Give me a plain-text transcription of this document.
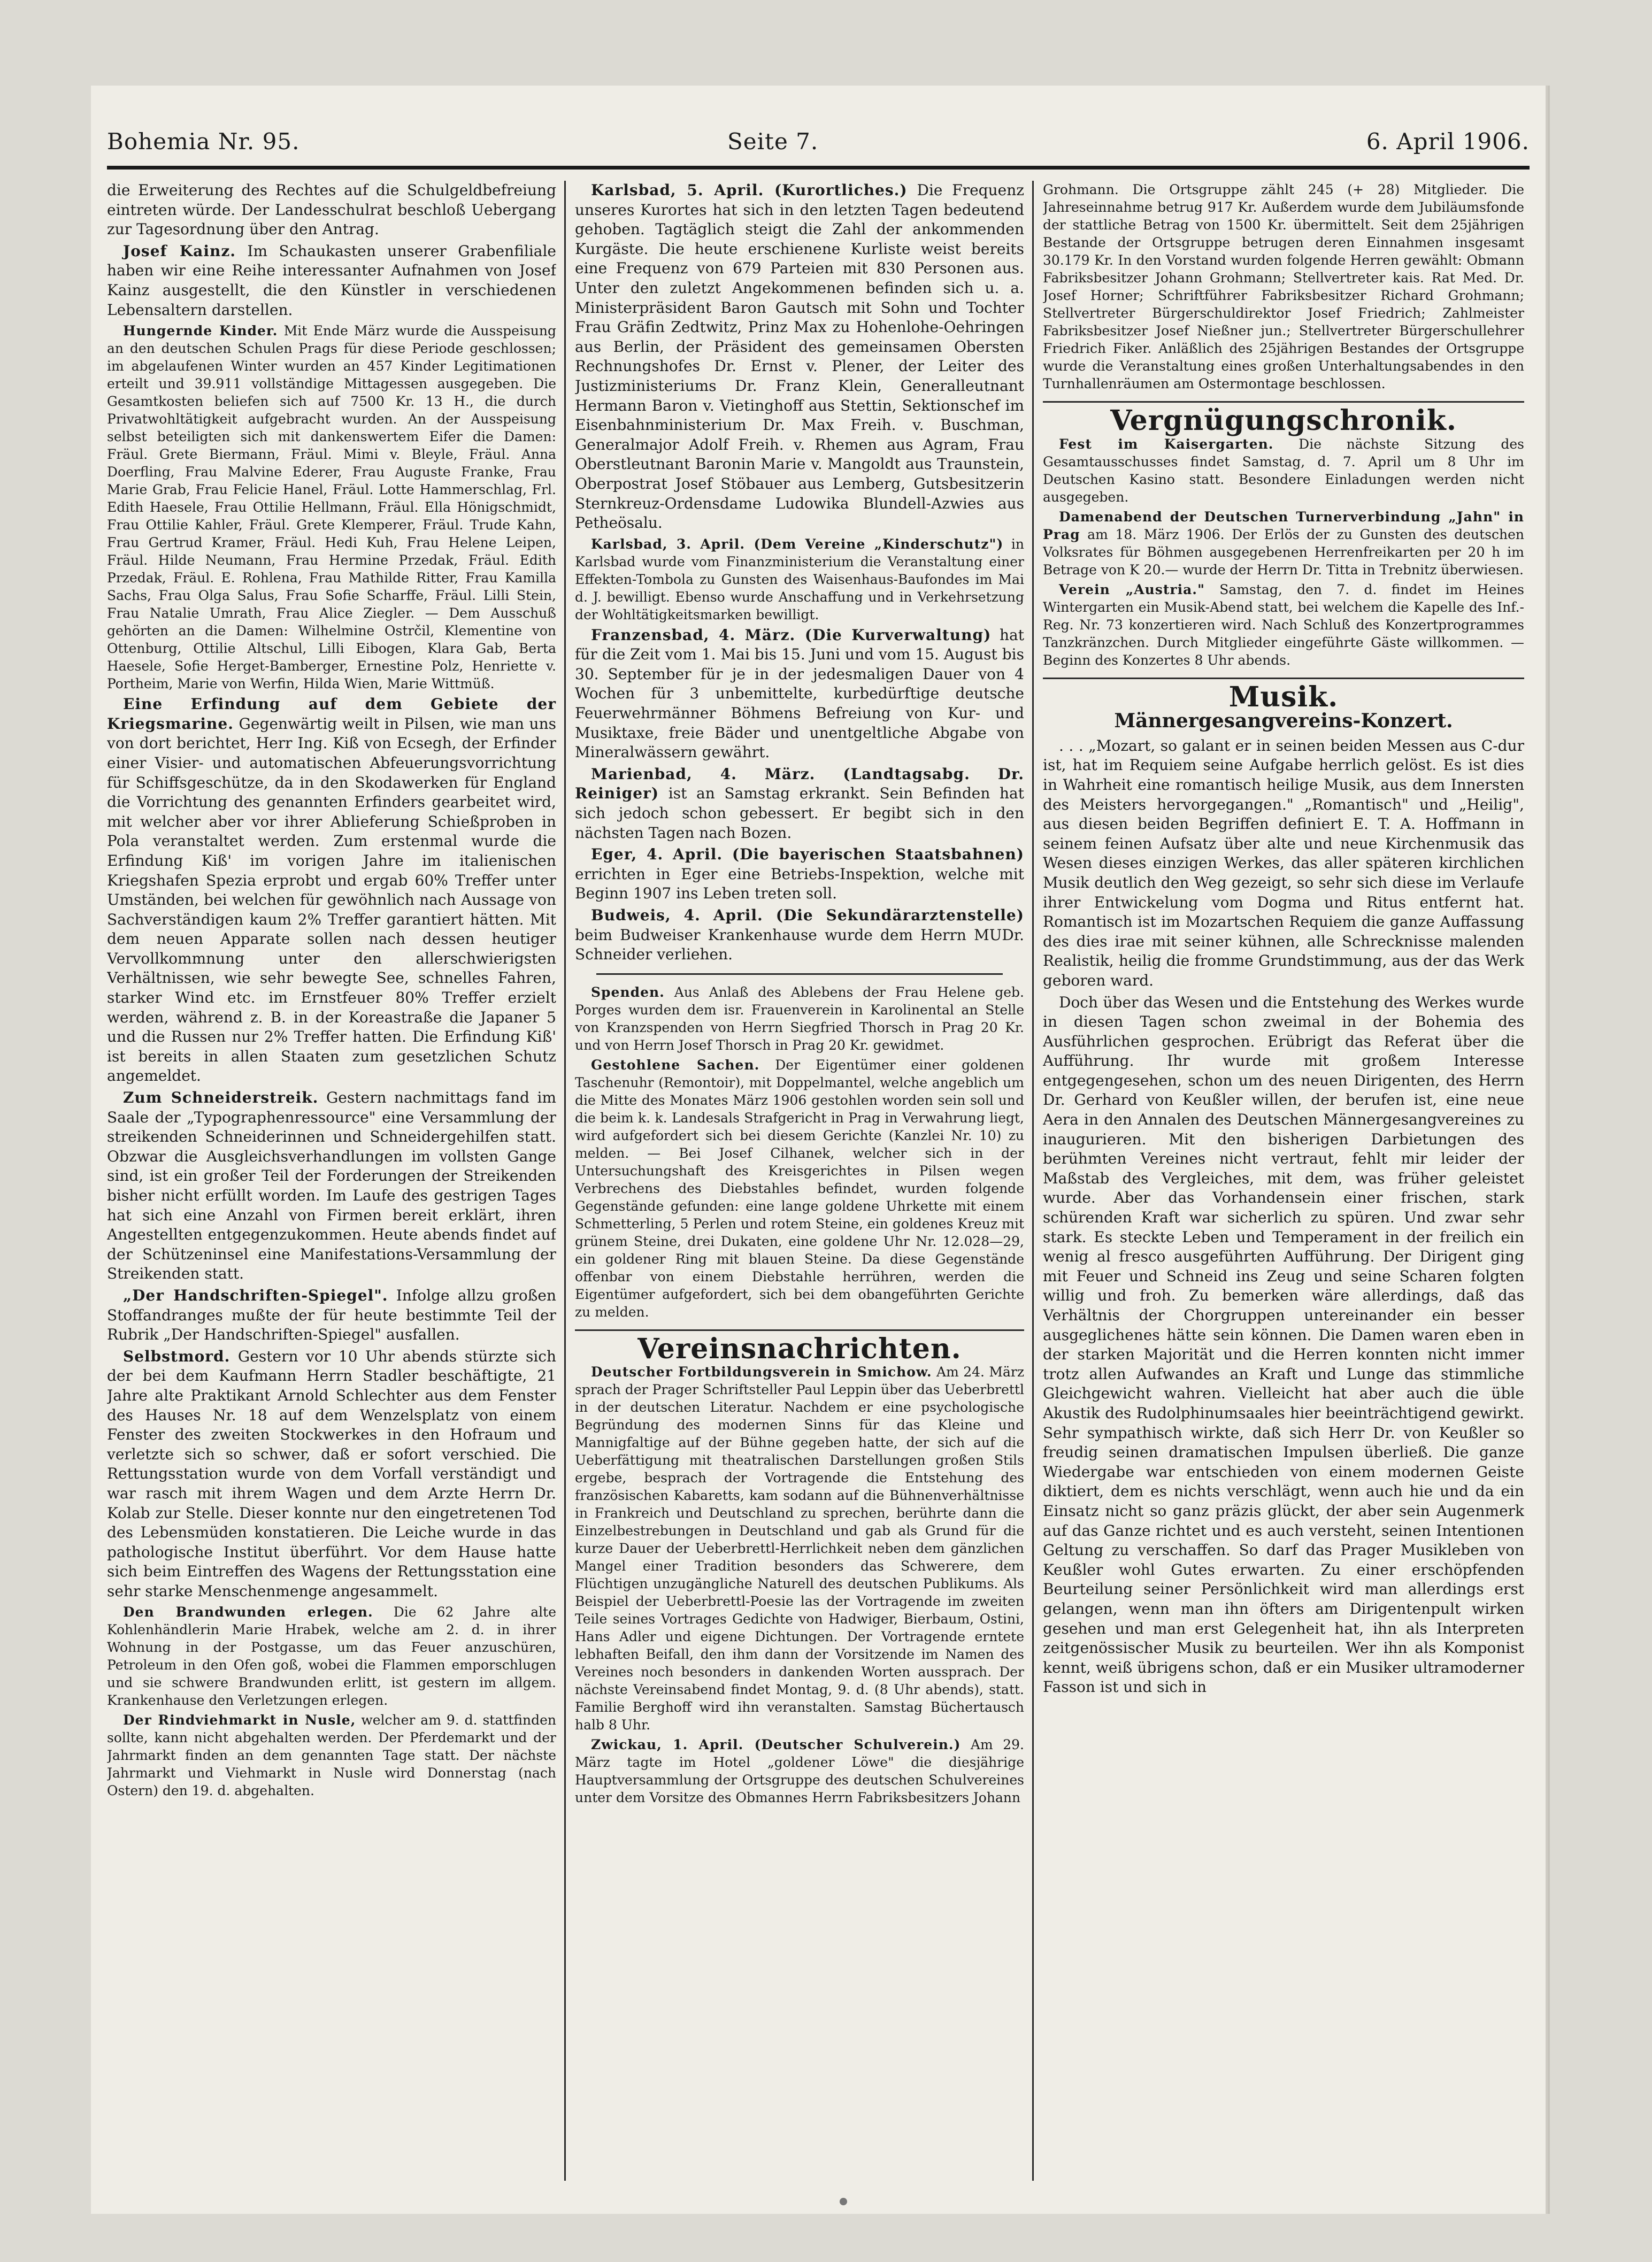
Bohemia Nr. 95.	Seite 7.	6. April 1906.

die Erweiterung des Rechtes auf die Schulgeldbefreiung eintreten würde. Der Landesschulrat beschloß Uebergang zur Tagesordnung über den Antrag.

Josef Kainz. Im Schaukasten unserer Grabenfiliale haben wir eine Reihe interessanter Aufnahmen von Josef Kainz ausgestellt, die den Künstler in verschiedenen Lebensaltern darstellen.

Hungernde Kinder. Mit Ende März wurde die Ausspeisung an den deutschen Schulen Prags für diese Periode geschlossen; im abgelaufenen Winter wurden an 457 Kinder Legitimationen erteilt und 39.911 vollständige Mittagessen ausgegeben. Die Gesamtkosten beliefen sich auf 7500 Kr. 13 H., die durch Privatwohltätigkeit aufgebracht wurden. An der Ausspeisung selbst beteiligten sich mit dankenswertem Eifer die Damen: Fräul. Grete Biermann, Fräul. Mimi v. Bleyle, Fräul. Anna Doerfling, Frau Malvine Ederer, Frau Auguste Franke, Frau Marie Grab, Frau Felicie Hanel, Fräul. Lotte Hammerschlag, Frl. Edith Haesele, Frau Ottilie Hellmann, Fräul. Ella Hönigschmidt, Frau Ottilie Kahler, Fräul. Grete Klemperer, Fräul. Trude Kahn, Frau Gertrud Kramer, Fräul. Hedi Kuh, Frau Helene Leipen, Fräul. Hilde Neumann, Frau Hermine Przedak, Fräul. Edith Przedak, Fräul. E. Rohlena, Frau Mathilde Ritter, Frau Kamilla Sachs, Frau Olga Salus, Frau Sofie Scharffe, Fräul. Lilli Stein, Frau Natalie Umrath, Frau Alice Ziegler. — Dem Ausschuß gehörten an die Damen: Wilhelmine Ostrčil, Klementine von Ottenburg, Ottilie Altschul, Lilli Eibogen, Klara Gab, Berta Haesele, Sofie Herget-Bamberger, Ernestine Polz, Henriette v. Portheim, Marie von Werfin, Hilda Wien, Marie Wittmüß.

Eine Erfindung auf dem Gebiete der Kriegsmarine. Gegenwärtig weilt in Pilsen, wie man uns von dort berichtet, Herr Ing. Kiß von Ecsegh, der Erfinder einer Visier- und automatischen Abfeuerungsvorrichtung für Schiffsgeschütze, da in den Skodawerken für England die Vorrichtung des genannten Erfinders gearbeitet wird, mit welcher aber vor ihrer Ablieferung Schießproben in Pola veranstaltet werden. Zum erstenmal wurde die Erfindung Kiß' im vorigen Jahre im italienischen Kriegshafen Spezia erprobt und ergab 60% Treffer unter Umständen, bei welchen für gewöhnlich nach Aussage von Sachverständigen kaum 2% Treffer garantiert hätten. Mit dem neuen Apparate sollen nach dessen heutiger Vervollkommnung unter den allerschwierigsten Verhältnissen, wie sehr bewegte See, schnelles Fahren, starker Wind etc. im Ernstfeuer 80% Treffer erzielt werden, während z. B. in der Koreastraße die Japaner 5 und die Russen nur 2% Treffer hatten. Die Erfindung Kiß' ist bereits in allen Staaten zum gesetzlichen Schutz angemeldet.

Zum Schneiderstreik. Gestern nachmittags fand im Saale der „Typographenressource" eine Versammlung der streikenden Schneiderinnen und Schneidergehilfen statt. Obzwar die Ausgleichsverhandlungen im vollsten Gange sind, ist ein großer Teil der Forderungen der Streikenden bisher nicht erfüllt worden. Im Laufe des gestrigen Tages hat sich eine Anzahl von Firmen bereit erklärt, ihren Angestellten entgegenzukommen. Heute abends findet auf der Schützeninsel eine Manifestations-Versammlung der Streikenden statt.

„Der Handschriften-Spiegel". Infolge allzu großen Stoffandranges mußte der für heute bestimmte Teil der Rubrik „Der Handschriften-Spiegel" ausfallen.

Selbstmord. Gestern vor 10 Uhr abends stürzte sich der bei dem Kaufmann Herrn Stadler beschäftigte, 21 Jahre alte Praktikant Arnold Schlechter aus dem Fenster des Hauses Nr. 18 auf dem Wenzelsplatz von einem Fenster des zweiten Stockwerkes in den Hofraum und verletzte sich so schwer, daß er sofort verschied. Die Rettungsstation wurde von dem Vorfall verständigt und war rasch mit ihrem Wagen und dem Arzte Herrn Dr. Kolab zur Stelle. Dieser konnte nur den eingetretenen Tod des Lebensmüden konstatieren. Die Leiche wurde in das pathologische Institut überführt. Vor dem Hause hatte sich beim Eintreffen des Wagens der Rettungsstation eine sehr starke Menschenmenge angesammelt.

Den Brandwunden erlegen. Die 62 Jahre alte Kohlenhändlerin Marie Hrabek, welche am 2. d. in ihrer Wohnung in der Postgasse, um das Feuer anzuschüren, Petroleum in den Ofen goß, wobei die Flammen emporschlugen und sie schwere Brandwunden erlitt, ist gestern im allgem. Krankenhause den Verletzungen erlegen.

Der Rindviehmarkt in Nusle, welcher am 9. d. stattfinden sollte, kann nicht abgehalten werden. Der Pferdemarkt und der Jahrmarkt finden an dem genannten Tage statt. Der nächste Jahrmarkt und Viehmarkt in Nusle wird Donnerstag (nach Ostern) den 19. d. abgehalten.

Karlsbad, 5. April. (Kurortliches.) Die Frequenz unseres Kurortes hat sich in den letzten Tagen bedeutend gehoben. Tagtäglich steigt die Zahl der ankommenden Kurgäste. Die heute erschienene Kurliste weist bereits eine Frequenz von 679 Parteien mit 830 Personen aus. Unter den zuletzt Angekommenen befinden sich u. a. Ministerpräsident Baron Gautsch mit Sohn und Tochter Frau Gräfin Zedtwitz, Prinz Max zu Hohenlohe-Oehringen aus Berlin, der Präsident des gemeinsamen Obersten Rechnungshofes Dr. Ernst v. Plener, der Leiter des Justizministeriums Dr. Franz Klein, Generalleutnant Hermann Baron v. Vietinghoff aus Stettin, Sektionschef im Eisenbahnministerium Dr. Max Freih. v. Buschman, Generalmajor Adolf Freih. v. Rhemen aus Agram, Frau Oberstleutnant Baronin Marie v. Mangoldt aus Traunstein, Oberpostrat Josef Stöbauer aus Lemberg, Gutsbesitzerin Sternkreuz-Ordensdame Ludowika Blundell-Azwies aus Petheösalu.

Karlsbad, 3. April. (Dem Vereine „Kinderschutz") in Karlsbad wurde vom Finanzministerium die Veranstaltung einer Effekten-Tombola zu Gunsten des Waisenhaus-Baufondes im Mai d. J. bewilligt. Ebenso wurde Anschaffung und in Verkehrsetzung der Wohltätigkeitsmarken bewilligt.

Franzensbad, 4. März. (Die Kurverwaltung) hat für die Zeit vom 1. Mai bis 15. Juni und vom 15. August bis 30. September für je in der jedesmaligen Dauer von 4 Wochen für 3 unbemittelte, kurbedürftige deutsche Feuerwehrmänner Böhmens Befreiung von Kur- und Musiktaxe, freie Bäder und unentgeltliche Abgabe von Mineralwässern gewährt.

Marienbad, 4. März. (Landtagsabg. Dr. Reiniger) ist an Samstag erkrankt. Sein Befinden hat sich jedoch schon gebessert. Er begibt sich in den nächsten Tagen nach Bozen.

Eger, 4. April. (Die bayerischen Staatsbahnen) errichten in Eger eine Betriebs-Inspektion, welche mit Beginn 1907 ins Leben treten soll.

Budweis, 4. April. (Die Sekundärarztenstelle) beim Budweiser Krankenhause wurde dem Herrn MUDr. Schneider verliehen.

Spenden. Aus Anlaß des Ablebens der Frau Helene geb. Porges wurden dem isr. Frauenverein in Karolinental an Stelle von Kranzspenden von Herrn Siegfried Thorsch in Prag 20 Kr. und von Herrn Josef Thorsch in Prag 20 Kr. gewidmet.

Gestohlene Sachen. Der Eigentümer einer goldenen Taschenuhr (Remontoir), mit Doppelmantel, welche angeblich um die Mitte des Monates März 1906 gestohlen worden sein soll und die beim k. k. Landesals Strafgericht in Prag in Verwahrung liegt, wird aufgefordert sich bei diesem Gerichte (Kanzlei Nr. 10) zu melden. — Bei Josef Cilhanek, welcher sich in der Untersuchungshaft des Kreisgerichtes in Pilsen wegen Verbrechens des Diebstahles befindet, wurden folgende Gegenstände gefunden: eine lange goldene Uhrkette mit einem Schmetterling, 5 Perlen und rotem Steine, ein goldenes Kreuz mit grünem Steine, drei Dukaten, eine goldene Uhr Nr. 12.028—29, ein goldener Ring mit blauen Steine. Da diese Gegenstände offenbar von einem Diebstahle herrühren, werden die Eigentümer aufgefordert, sich bei dem obangeführten Gerichte zu melden.

Vereinsnachrichten.

Deutscher Fortbildungsverein in Smichow. Am 24. März sprach der Prager Schriftsteller Paul Leppin über das Ueberbrettl in der deutschen Literatur. Nachdem er eine psychologische Begründung des modernen Sinns für das Kleine und Mannigfaltige auf der Bühne gegeben hatte, der sich auf die Ueberfättigung mit theatralischen Darstellungen großen Stils ergebe, besprach der Vortragende die Entstehung des französischen Kabaretts, kam sodann auf die Bühnenverhältnisse in Frankreich und Deutschland zu sprechen, berührte dann die Einzelbestrebungen in Deutschland und gab als Grund für die kurze Dauer der Ueberbrettl-Herrlichkeit neben dem gänzlichen Mangel einer Tradition besonders das Schwerere, dem Flüchtigen unzugängliche Naturell des deutschen Publikums. Als Beispiel der Ueberbrettl-Poesie las der Vortragende im zweiten Teile seines Vortrages Gedichte von Hadwiger, Bierbaum, Ostini, Hans Adler und eigene Dichtungen. Der Vortragende erntete lebhaften Beifall, den ihm dann der Vorsitzende im Namen des Vereines noch besonders in dankenden Worten aussprach. Der nächste Vereinsabend findet Montag, 9. d. (8 Uhr abends), statt. Familie Berghoff wird ihn veranstalten. Samstag Büchertausch halb 8 Uhr.

Zwickau, 1. April. (Deutscher Schulverein.) Am 29. März tagte im Hotel „goldener Löwe" die diesjährige Hauptversammlung der Ortsgruppe des deutschen Schulvereines unter dem Vorsitze des Obmannes Herrn Fabriksbesitzers Johann

Grohmann. Die Ortsgruppe zählt 245 (+ 28) Mitglieder. Die Jahreseinnahme betrug 917 Kr. Außerdem wurde dem Jubiläumsfonde der stattliche Betrag von 1500 Kr. übermittelt. Seit dem 25jährigen Bestande der Ortsgruppe betrugen deren Einnahmen insgesamt 30.179 Kr. In den Vorstand wurden folgende Herren gewählt: Obmann Fabriksbesitzer Johann Grohmann; Stellvertreter kais. Rat Med. Dr. Josef Horner; Schriftführer Fabriksbesitzer Richard Grohmann; Stellvertreter Bürgerschuldirektor Josef Friedrich; Zahlmeister Fabriksbesitzer Josef Nießner jun.; Stellvertreter Bürgerschullehrer Friedrich Fiker. Anläßlich des 25jährigen Bestandes der Ortsgruppe wurde die Veranstaltung eines großen Unterhaltungsabendes in den Turnhallenräumen am Ostermontage beschlossen.

Vergnügungschronik.

Fest im Kaisergarten. Die nächste Sitzung des Gesamtausschusses findet Samstag, d. 7. April um 8 Uhr im Deutschen Kasino statt. Besondere Einladungen werden nicht ausgegeben.

Damenabend der Deutschen Turnerverbindung „Jahn" in Prag am 18. März 1906. Der Erlös der zu Gunsten des deutschen Volksrates für Böhmen ausgegebenen Herrenfreikarten per 20 h im Betrage von K 20.— wurde der Herrn Dr. Titta in Trebnitz überwiesen.

Verein „Austria." Samstag, den 7. d. findet im Heines Wintergarten ein Musik-Abend statt, bei welchem die Kapelle des Inf.-Reg. Nr. 73 konzertieren wird. Nach Schluß des Konzertprogrammes Tanzkränzchen. Durch Mitglieder eingeführte Gäste willkommen. — Beginn des Konzertes 8 Uhr abends.

Musik.
Männergesangvereins-Konzert.

. . . „Mozart, so galant er in seinen beiden Messen aus C-dur ist, hat im Requiem seine Aufgabe herrlich gelöst. Es ist dies in Wahrheit eine romantisch heilige Musik, aus dem Innersten des Meisters hervorgegangen." „Romantisch" und „Heilig", aus diesen beiden Begriffen definiert E. T. A. Hoffmann in seinem feinen Aufsatz über alte und neue Kirchenmusik das Wesen dieses einzigen Werkes, das aller späteren kirchlichen Musik deutlich den Weg gezeigt, so sehr sich diese im Verlaufe ihrer Entwickelung vom Dogma und Ritus entfernt hat. Romantisch ist im Mozartschen Requiem die ganze Auffassung des dies irae mit seiner kühnen, alle Schrecknisse malenden Realistik, heilig die fromme Grundstimmung, aus der das Werk geboren ward.

Doch über das Wesen und die Entstehung des Werkes wurde in diesen Tagen schon zweimal in der Bohemia des Ausführlichen gesprochen. Erübrigt das Referat über die Aufführung. Ihr wurde mit großem Interesse entgegengesehen, schon um des neuen Dirigenten, des Herrn Dr. Gerhard von Keußler willen, der berufen ist, eine neue Aera in den Annalen des Deutschen Männergesangvereines zu inaugurieren. Mit den bisherigen Darbietungen des berühmten Vereines nicht vertraut, fehlt mir leider der Maßstab des Vergleiches, mit dem, was früher geleistet wurde. Aber das Vorhandensein einer frischen, stark schürenden Kraft war sicherlich zu spüren. Und zwar sehr stark. Es steckte Leben und Temperament in der freilich ein wenig al fresco ausgeführten Aufführung. Der Dirigent ging mit Feuer und Schneid ins Zeug und seine Scharen folgten willig und froh. Zu bemerken wäre allerdings, daß das Verhältnis der Chorgruppen untereinander ein besser ausgeglichenes hätte sein können. Die Damen waren eben in der starken Majorität und die Herren konnten nicht immer trotz allen Aufwandes an Kraft und Lunge das stimmliche Gleichgewicht wahren. Vielleicht hat aber auch die üble Akustik des Rudolphinumsaales hier beeinträchtigend gewirkt. Sehr sympathisch wirkte, daß sich Herr Dr. von Keußler so freudig seinen dramatischen Impulsen überließ. Die ganze Wiedergabe war entschieden von einem modernen Geiste diktiert, dem es nichts verschlägt, wenn auch hie und da ein Einsatz nicht so ganz präzis glückt, der aber sein Augenmerk auf das Ganze richtet und es auch versteht, seinen Intentionen Geltung zu verschaffen. So darf das Prager Musikleben von Keußler wohl Gutes erwarten. Zu einer erschöpfenden Beurteilung seiner Persönlichkeit wird man allerdings erst gelangen, wenn man ihn öfters am Dirigentenpult wirken gesehen und man erst Gelegenheit hat, ihn als Interpreten zeitgenössischer Musik zu beurteilen. Wer ihn als Komponist kennt, weiß übrigens schon, daß er ein Musiker ultramoderner Fasson ist und sich in
